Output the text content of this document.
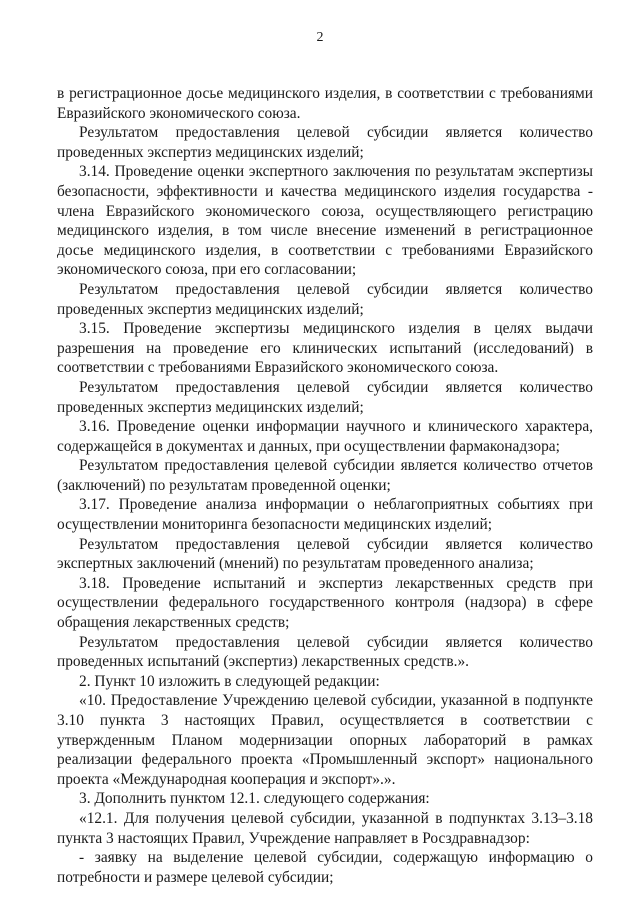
2

в регистрационное досье медицинского изделия, в соответствии с требованиями Евразийского экономического союза.

Результатом предоставления целевой субсидии является количество проведенных экспертиз медицинских изделий;

3.14. Проведение оценки экспертного заключения по результатам экспертизы безопасности, эффективности и качества медицинского изделия государства - члена Евразийского экономического союза, осуществляющего регистрацию медицинского изделия, в том числе внесение изменений в регистрационное досье медицинского изделия, в соответствии с требованиями Евразийского экономического союза, при его согласовании;

Результатом предоставления целевой субсидии является количество проведенных экспертиз медицинских изделий;

3.15. Проведение экспертизы медицинского изделия в целях выдачи разрешения на проведение его клинических испытаний (исследований) в соответствии с требованиями Евразийского экономического союза.

Результатом предоставления целевой субсидии является количество проведенных экспертиз медицинских изделий;

3.16. Проведение оценки информации научного и клинического характера, содержащейся в документах и данных, при осуществлении фармаконадзора;

Результатом предоставления целевой субсидии является количество отчетов (заключений) по результатам проведенной оценки;

3.17. Проведение анализа информации о неблагоприятных событиях при осуществлении мониторинга безопасности медицинских изделий;

Результатом предоставления целевой субсидии является количество экспертных заключений (мнений) по результатам проведенного анализа;

3.18. Проведение испытаний и экспертиз лекарственных средств при осуществлении федерального государственного контроля (надзора) в сфере обращения лекарственных средств;

Результатом предоставления целевой субсидии является количество проведенных испытаний (экспертиз) лекарственных средств.».

2. Пункт 10 изложить в следующей редакции:

«10. Предоставление Учреждению целевой субсидии, указанной в подпункте 3.10 пункта 3 настоящих Правил, осуществляется в соответствии с утвержденным Планом модернизации опорных лабораторий в рамках реализации федерального проекта «Промышленный экспорт» национального проекта «Международная кооперация и экспорт».».

3. Дополнить пунктом 12.1. следующего содержания:

«12.1. Для получения целевой субсидии, указанной в подпунктах 3.13–3.18 пункта 3 настоящих Правил, Учреждение направляет в Росздравнадзор:

- заявку на выделение целевой субсидии, содержащую информацию о потребности и размере целевой субсидии;
